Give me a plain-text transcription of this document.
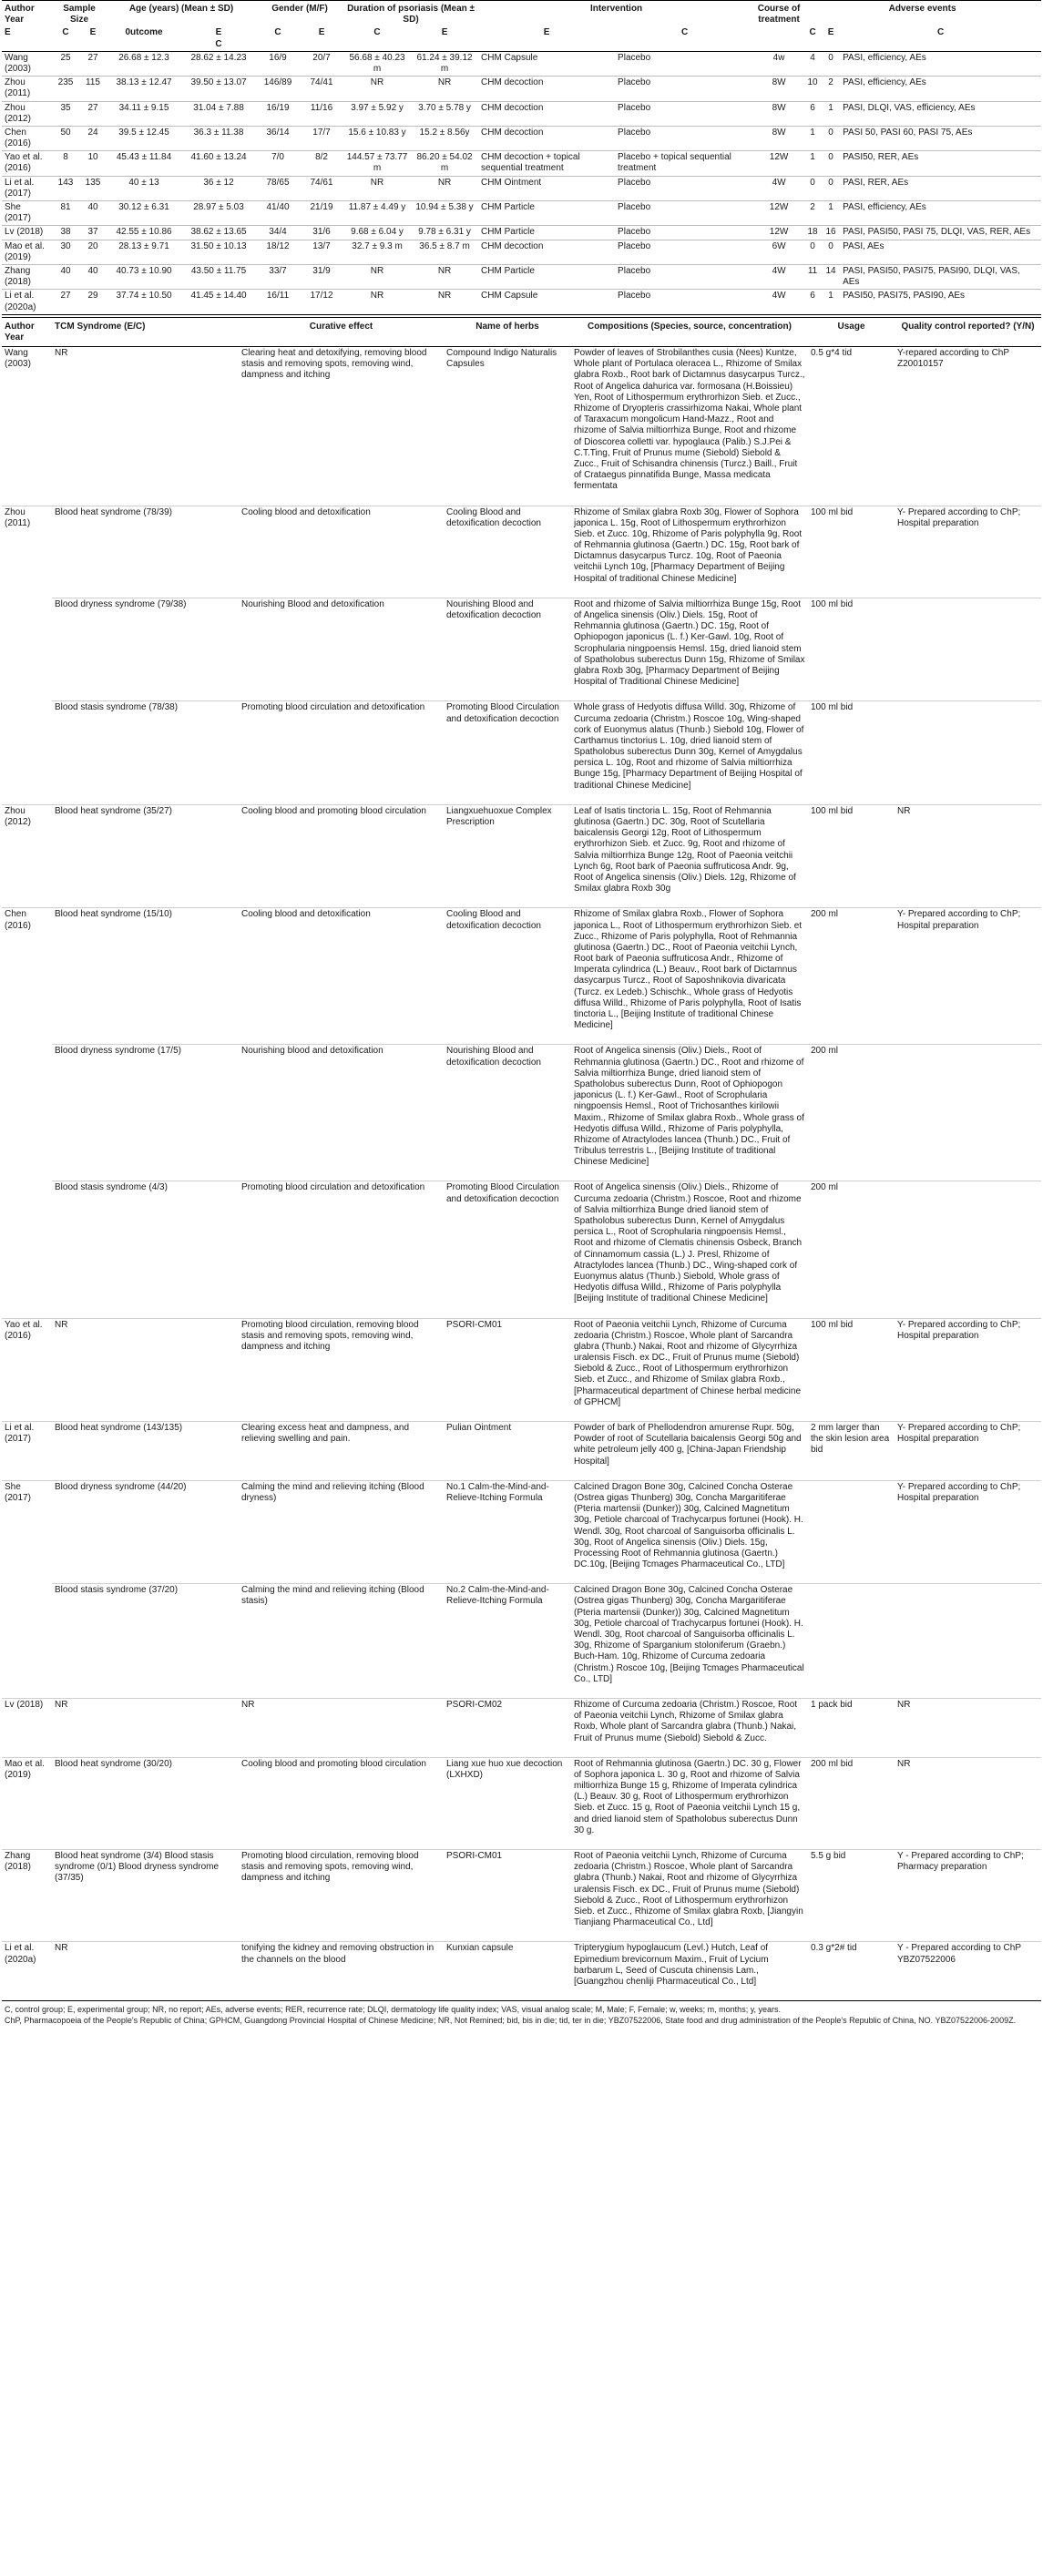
Author Year	Sample Size		Age (years) (Mean ± SD)		Gender (M/F)		Duration of psoriasis (Mean ± SD)		Intervention		Course of treatment	Adverse events		
E	C	E	0utcome	E
C	C	E	C	E	E	C		C	E	C
Wang (2003)	25	27	26.68 ± 12.3	28.62 ± 14.23	16/9	20/7	56.68 ± 40.23 m	61.24 ± 39.12 m	CHM Capsule	Placebo	4w	4	0	PASI, efficiency, AEs
Zhou (2011)	235	115	38.13 ± 12.47	39.50 ± 13.07	146/89	74/41	NR	NR	CHM decoction	Placebo	8W	10	2	PASI, efficiency, AEs
Zhou (2012)	35	27	34.11 ± 9.15	31.04 ± 7.88	16/19	11/16	3.97 ± 5.92 y	3.70 ± 5.78 y	CHM decoction	Placebo	8W	6	1	PASI, DLQI, VAS, efficiency, AEs
Chen (2016)	50	24	39.5 ± 12.45	36.3 ± 11.38	36/14	17/7	15.6 ± 10.83 y	15.2 ± 8.56y	CHM decoction	Placebo	8W	1	0	PASI 50, PASI 60, PASI 75, AEs
Yao et al. (2016)	8	10	45.43 ± 11.84	41.60 ± 13.24	7/0	8/2	144.57 ± 73.77 m	86.20 ± 54.02 m	CHM decoction + topical sequential treatment	Placebo + topical sequential treatment	12W	1	0	PASI50, RER, AEs
Li et al. (2017)	143	135	40 ± 13	36 ± 12	78/65	74/61	NR	NR	CHM Ointment	Placebo	4W	0	0	PASI, RER, AEs
She (2017)	81	40	30.12 ± 6.31	28.97 ± 5.03	41/40	21/19	11.87 ± 4.49 y	10.94 ± 5.38 y	CHM Particle	Placebo	12W	2	1	PASI, efficiency, AEs
Lv (2018)	38	37	42.55 ± 10.86	38.62 ± 13.65	34/4	31/6	9.68 ± 6.04 y	9.78 ± 6.31 y	CHM Particle	Placebo	12W	18	16	PASI, PASI50, PASI 75, DLQI, VAS, RER, AEs
Mao et al. (2019)	30	20	28.13 ± 9.71	31.50 ± 10.13	18/12	13/7	32.7 ± 9.3 m	36.5 ± 8.7 m	CHM decoction	Placebo	6W	0	0	PASI, AEs
Zhang (2018)	40	40	40.73 ± 10.90	43.50 ± 11.75	33/7	31/9	NR	NR	CHM Particle	Placebo	4W	11	14	PASI, PASI50, PASI75, PASI90, DLQI, VAS, AEs
Li et al. (2020a)	27	29	37.74 ± 10.50	41.45 ± 14.40	16/11	17/12	NR	NR	CHM Capsule	Placebo	4W	6	1	PASI50, PASI75, PASI90, AEs
Author Year	TCM Syndrome (E/C)	Curative effect	Name of herbs	Compositions (Species, source, concentration)	Usage	Quality control reported? (Y/N)
Wang (2003)	NR	Clearing heat and detoxifying, removing blood stasis and removing spots, removing wind, dampness and itching	Compound Indigo Naturalis Capsules	Powder of leaves of Strobilanthes cusia (Nees) Kuntze, Whole plant of Portulaca oleracea L., Rhizome of Smilax glabra Roxb., Root bark of Dictamnus dasycarpus Turcz., Root of Angelica dahurica var. formosana (H.Boissieu) Yen, Root of Lithospermum erythrorhizon Sieb. et Zucc., Rhizome of Dryopteris crassirhizoma Nakai, Whole plant of Taraxacum mongolicum Hand-Mazz., Root and rhizome of Salvia miltiorrhiza Bunge, Root and rhizome of Dioscorea colletti var. hypoglauca (Palib.) S.J.Pei & C.T.Ting, Fruit of Prunus mume (Siebold) Siebold & Zucc., Fruit of Schisandra chinensis (Turcz.) Baill., Fruit of Crataegus pinnatifida Bunge, Massa medicata fermentata	0.5 g*4 tid	Y-repared according to ChP Z20010157
Zhou (2011)	Blood heat syndrome (78/39)	Cooling blood and detoxification	Cooling Blood and detoxification decoction	Rhizome of Smilax glabra Roxb 30g, Flower of Sophora japonica L. 15g, Root of Lithospermum erythrorhizon Sieb. et Zucc. 10g, Rhizome of Paris polyphylla 9g, Root of Rehmannia glutinosa (Gaertn.) DC. 15g, Root bark of Dictamnus dasycarpus Turcz. 10g, Root of Paeonia veitchii Lynch 10g, [Pharmacy Department of Beijing Hospital of traditional Chinese Medicine]	100 ml bid	Y- Prepared according to ChP; Hospital preparation
	Blood dryness syndrome (79/38)	Nourishing Blood and detoxification	Nourishing Blood and detoxification decoction	Root and rhizome of Salvia miltiorrhiza Bunge 15g, Root of Angelica sinensis (Oliv.) Diels. 15g, Root of Rehmannia glutinosa (Gaertn.) DC. 15g, Root of Ophiopogon japonicus (L. f.) Ker-Gawl. 10g, Root of Scrophularia ningpoensis Hemsl. 15g, dried lianoid stem of Spatholobus suberectus Dunn 15g, Rhizome of Smilax glabra Roxb 30g, [Pharmacy Department of Beijing Hospital of Traditional Chinese Medicine]	100 ml bid	
	Blood stasis syndrome (78/38)	Promoting blood circulation and detoxification	Promoting Blood Circulation and detoxification decoction	Whole grass of Hedyotis diffusa Willd. 30g, Rhizome of Curcuma zedoaria (Christm.) Roscoe 10g, Wing-shaped cork of Euonymus alatus (Thunb.) Siebold 10g, Flower of Carthamus tinctorius L. 10g, dried lianoid stem of Spatholobus suberectus Dunn 30g, Kernel of Amygdalus persica L. 10g, Root and rhizome of Salvia miltiorrhiza Bunge 15g, [Pharmacy Department of Beijing Hospital of traditional Chinese Medicine]	100 ml bid	
Zhou (2012)	Blood heat syndrome (35/27)	Cooling blood and promoting blood circulation	Liangxuehuoxue Complex Prescription	Leaf of Isatis tinctoria L. 15g, Root of Rehmannia glutinosa (Gaertn.) DC. 30g, Root of Scutellaria baicalensis Georgi 12g, Root of Lithospermum erythrorhizon Sieb. et Zucc. 9g, Root and rhizome of Salvia miltiorrhiza Bunge 12g, Root of Paeonia veitchii Lynch 6g, Root bark of Paeonia suffruticosa Andr. 9g, Root of Angelica sinensis (Oliv.) Diels. 12g, Rhizome of Smilax glabra Roxb 30g	100 ml bid	NR
Chen (2016)	Blood heat syndrome (15/10)	Cooling blood and detoxification	Cooling Blood and detoxification decoction	Rhizome of Smilax glabra Roxb., Flower of Sophora japonica L., Root of Lithospermum erythrorhizon Sieb. et Zucc., Rhizome of Paris polyphylla, Root of Rehmannia glutinosa (Gaertn.) DC., Root of Paeonia veitchii Lynch, Root bark of Paeonia suffruticosa Andr., Rhizome of Imperata cylindrica (L.) Beauv., Root bark of Dictamnus dasycarpus Turcz., Root of Saposhnikovia divaricata (Turcz. ex Ledeb.) Schischk., Whole grass of Hedyotis diffusa Willd., Rhizome of Paris polyphylla, Root of Isatis tinctoria L., [Beijing Institute of traditional Chinese Medicine]	200 ml	Y- Prepared according to ChP; Hospital preparation
	Blood dryness syndrome (17/5)	Nourishing blood and detoxification	Nourishing Blood and detoxification decoction	Root of Angelica sinensis (Oliv.) Diels., Root of Rehmannia glutinosa (Gaertn.) DC., Root and rhizome of Salvia miltiorrhiza Bunge, dried lianoid stem of Spatholobus suberectus Dunn, Root of Ophiopogon japonicus (L. f.) Ker-Gawl., Root of Scrophularia ningpoensis Hemsl., Root of Trichosanthes kirilowii Maxim., Rhizome of Smilax glabra Roxb., Whole grass of Hedyotis diffusa Willd., Rhizome of Paris polyphylla, Rhizome of Atractylodes lancea (Thunb.) DC., Fruit of Tribulus terrestris L., [Beijing Institute of traditional Chinese Medicine]	200 ml	
	Blood stasis syndrome (4/3)	Promoting blood circulation and detoxification	Promoting Blood Circulation and detoxification decoction	Root of Angelica sinensis (Oliv.) Diels., Rhizome of Curcuma zedoaria (Christm.) Roscoe, Root and rhizome of Salvia miltiorrhiza Bunge dried lianoid stem of Spatholobus suberectus Dunn, Kernel of Amygdalus persica L., Root of Scrophularia ningpoensis Hemsl., Root and rhizome of Clematis chinensis Osbeck, Branch of Cinnamomum cassia (L.) J. Presl, Rhizome of Atractylodes lancea (Thunb.) DC., Wing-shaped cork of Euonymus alatus (Thunb.) Siebold, Whole grass of Hedyotis diffusa Willd., Rhizome of Paris polyphylla [Beijing Institute of traditional Chinese Medicine]	200 ml	
Yao et al. (2016)	NR	Promoting blood circulation, removing blood stasis and removing spots, removing wind, dampness and itching	PSORI-CM01	Root of Paeonia veitchii Lynch, Rhizome of Curcuma zedoaria (Christm.) Roscoe, Whole plant of Sarcandra glabra (Thunb.) Nakai, Root and rhizome of Glycyrrhiza uralensis Fisch. ex DC., Fruit of Prunus mume (Siebold) Siebold & Zucc., Root of Lithospermum erythrorhizon Sieb. et Zucc., and Rhizome of Smilax glabra Roxb., [Pharmaceutical department of Chinese herbal medicine of GPHCM]	100 ml bid	Y- Prepared according to ChP; Hospital preparation
Li et al. (2017)	Blood heat syndrome (143/135)	Clearing excess heat and dampness, and relieving swelling and pain.	Pulian Ointment	Powder of bark of Phellodendron amurense Rupr. 50g, Powder of root of Scutellaria baicalensis Georgi 50g and white petroleum jelly 400 g, [China-Japan Friendship Hospital]	2 mm larger than the skin lesion area bid	Y- Prepared according to ChP; Hospital preparation
She (2017)	Blood dryness syndrome (44/20)	Calming the mind and relieving itching (Blood dryness)	No.1 Calm-the-Mind-and-Relieve-Itching Formula	Calcined Dragon Bone 30g, Calcined Concha Osterae (Ostrea gigas Thunberg) 30g, Concha Margaritiferae (Pteria martensii (Dunker)) 30g, Calcined Magnetitum 30g, Petiole charcoal of Trachycarpus fortunei (Hook). H. Wendl. 30g, Root charcoal of Sanguisorba officinalis L. 30g, Root of Angelica sinensis (Oliv.) Diels. 15g, Processing Root of Rehmannia glutinosa (Gaertn.) DC.10g, [Beijing Tcmages Pharmaceutical Co., LTD]		Y- Prepared according to ChP; Hospital preparation
	Blood stasis syndrome (37/20)	Calming the mind and relieving itching (Blood stasis)	No.2 Calm-the-Mind-and-Relieve-Itching Formula	Calcined Dragon Bone 30g, Calcined Concha Osterae (Ostrea gigas Thunberg) 30g, Concha Margaritiferae (Pteria martensii (Dunker)) 30g, Calcined Magnetitum 30g, Petiole charcoal of Trachycarpus fortunei (Hook). H. Wendl. 30g, Root charcoal of Sanguisorba officinalis L. 30g, Rhizome of Sparganium stoloniferum (Graebn.) Buch-Ham. 10g, Rhizome of Curcuma zedoaria (Christm.) Roscoe 10g, [Beijing Tcmages Pharmaceutical Co., LTD]		
Lv (2018)	NR	NR	PSORI-CM02	Rhizome of Curcuma zedoaria (Christm.) Roscoe, Root of Paeonia veitchii Lynch, Rhizome of Smilax glabra Roxb, Whole plant of Sarcandra glabra (Thunb.) Nakai, Fruit of Prunus mume (Siebold) Siebold & Zucc.	1 pack bid	NR
Mao et al. (2019)	Blood heat syndrome (30/20)	Cooling blood and promoting blood circulation	Liang xue huo xue decoction (LXHXD)	Root of Rehmannia glutinosa (Gaertn.) DC. 30 g, Flower of Sophora japonica L. 30 g, Root and rhizome of Salvia miltiorrhiza Bunge 15 g, Rhizome of Imperata cylindrica (L.) Beauv. 30 g, Root of Lithospermum erythrorhizon Sieb. et Zucc. 15 g, Root of Paeonia veitchii Lynch 15 g, and dried lianoid stem of Spatholobus suberectus Dunn 30 g.	200 ml bid	NR
Zhang (2018)	Blood heat syndrome (3/4) Blood stasis syndrome (0/1) Blood dryness syndrome (37/35)	Promoting blood circulation, removing blood stasis and removing spots, removing wind, dampness and itching	PSORI-CM01	Root of Paeonia veitchii Lynch, Rhizome of Curcuma zedoaria (Christm.) Roscoe, Whole plant of Sarcandra glabra (Thunb.) Nakai, Root and rhizome of Glycyrrhiza uralensis Fisch. ex DC., Fruit of Prunus mume (Siebold) Siebold & Zucc., Root of Lithospermum erythrorhizon Sieb. et Zucc., Rhizome of Smilax glabra Roxb, [Jiangyin Tianjiang Pharmaceutical Co., Ltd]	5.5 g bid	Y - Prepared according to ChP; Pharmacy preparation
Li et al. (2020a)	NR	tonifying the kidney and removing obstruction in the channels on the blood	Kunxian capsule	Tripterygium hypoglaucum (Levl.) Hutch, Leaf of Epimedium brevicornum Maxim., Fruit of Lycium barbarum L, Seed of Cuscuta chinensis Lam., [Guangzhou chenliji Pharmaceutical Co., Ltd]	0.3 g*2# tid	Y - Prepared according to ChP YBZ07522006
C, control group; E, experimental group; NR, no report; AEs, adverse events; RER, recurrence rate; DLQI, dermatology life quality index; VAS, visual analog scale; M, Male; F, Female; w, weeks; m, months; y, years.
ChP, Pharmacopoeia of the People's Republic of China; GPHCM, Guangdong Provincial Hospital of Chinese Medicine; NR, Not Remined; bid, bis in die; tid, ter in die; YBZ07522006, State food and drug administration of the People's Republic of China, NO. YBZ07522006-2009Z.
